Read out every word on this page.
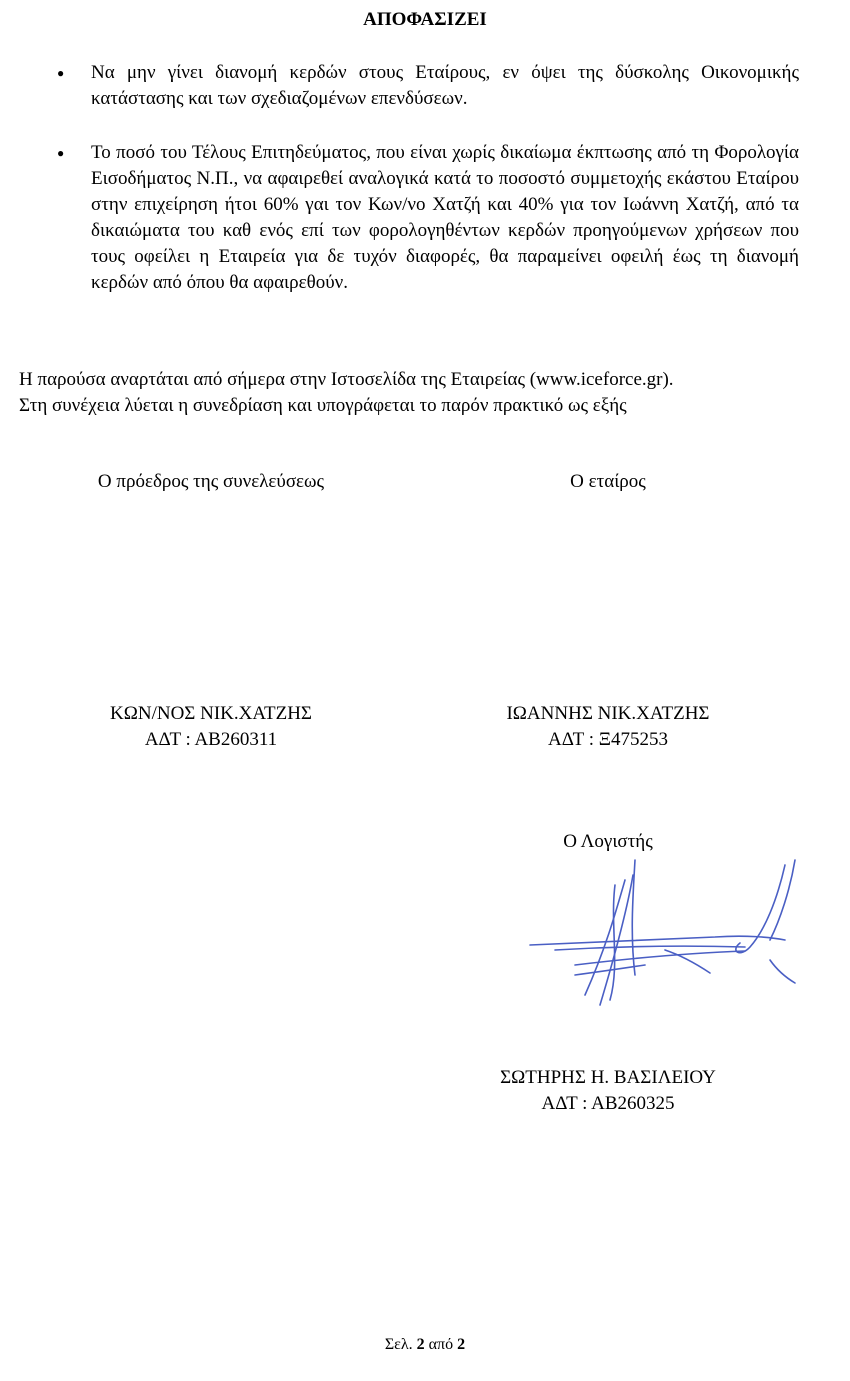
ΑΠΟΦΑΣΙΖΕΙ
●	Να μην γίνει διανομή κερδών στους Εταίρους, εν όψει της δύσκολης Οικονομικής κατάστασης και των σχεδιαζομένων επενδύσεων.
●	Το ποσό του Τέλους Επιτηδεύματος, που είναι χωρίς δικαίωμα έκπτωσης από τη Φορολογία Εισοδήματος Ν.Π., να αφαιρεθεί αναλογικά κατά το ποσοστό συμμετοχής εκάστου Εταίρου στην επιχείρηση ήτοι 60% γαι τον Κων/νο Χατζή και 40% για τον Ιωάννη Χατζή, από τα δικαιώματα του καθ ενός επί των φορολογηθέντων κερδών προηγούμενων χρήσεων που τους οφείλει η Εταιρεία για δε τυχόν διαφορές, θα παραμείνει οφειλή έως τη διανομή κερδών από όπου θα αφαιρεθούν.
Η παρούσα αναρτάται από σήμερα στην Ιστοσελίδα της Εταιρείας (www.iceforce.gr).
Στη συνέχεια λύεται η συνεδρίαση και υπογράφεται το παρόν πρακτικό ως εξής
Ο πρόεδρος της συνελεύσεως
ΚΩΝ/ΝΟΣ ΝΙΚ.ΧΑΤΖΗΣ
ΑΔΤ : ΑΒ260311
Ο εταίρος
ΙΩΑΝΝΗΣ ΝΙΚ.ΧΑΤΖΗΣ
ΑΔΤ : Ξ475253
Ο Λογιστής
ΣΩΤΗΡΗΣ Η. ΒΑΣΙΛΕΙΟΥ
ΑΔΤ : ΑΒ260325
Σελ. 2 από 2
